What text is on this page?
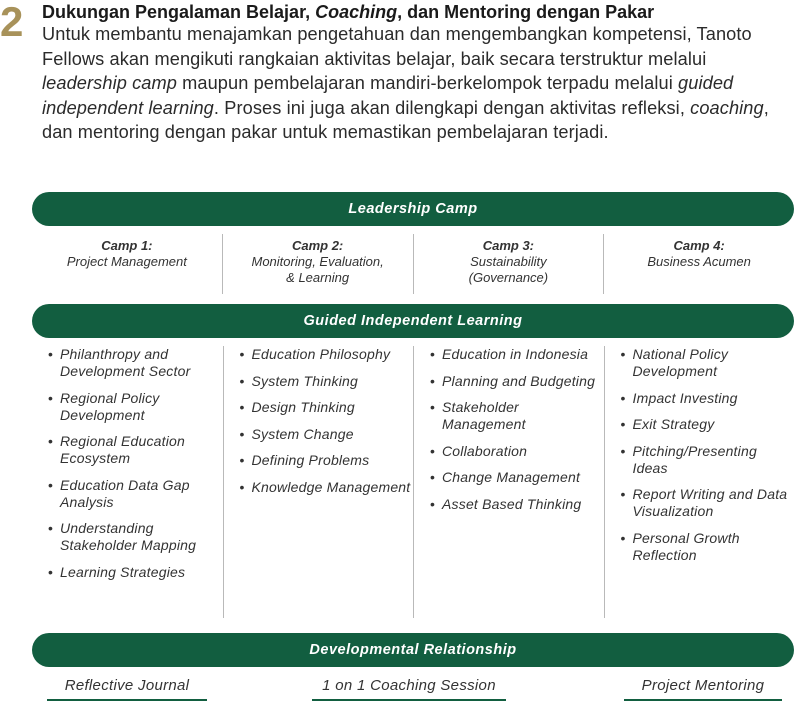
2 Dukungan Pengalaman Belajar, Coaching, dan Mentoring dengan Pakar

Untuk membantu menajamkan pengetahuan dan mengembangkan kompetensi, Tanoto Fellows akan mengikuti rangkaian aktivitas belajar, baik secara terstruktur melalui leadership camp maupun pembelajaran mandiri-berkelompok terpadu melalui guided independent learning. Proses ini juga akan dilengkapi dengan aktivitas refleksi, coaching, dan mentoring dengan pakar untuk memastikan pembelajaran terjadi.

Leadership Camp
Camp 1:
Project Management
Camp 2:
Monitoring, Evaluation,
& Learning
Camp 3:
Sustainability
(Governance)
Camp 4:
Business Acumen
Guided Independent Learning
• Philanthropy and Development Sector
• Regional Policy Development
• Regional Education Ecosystem
• Education Data Gap Analysis
• Understanding Stakeholder Mapping
• Learning Strategies
• Education Philosophy
• System Thinking
• Design Thinking
• System Change
• Defining Problems
• Knowledge Management
• Education in Indonesia
• Planning and Budgeting
• Stakeholder Management
• Collaboration
• Change Management
• Asset Based Thinking
• National Policy Development
• Impact Investing
• Exit Strategy
• Pitching/Presenting Ideas
• Report Writing and Data Visualization
• Personal Growth Reflection
Developmental Relationship
Reflective Journal	1 on 1 Coaching Session	Project Mentoring
